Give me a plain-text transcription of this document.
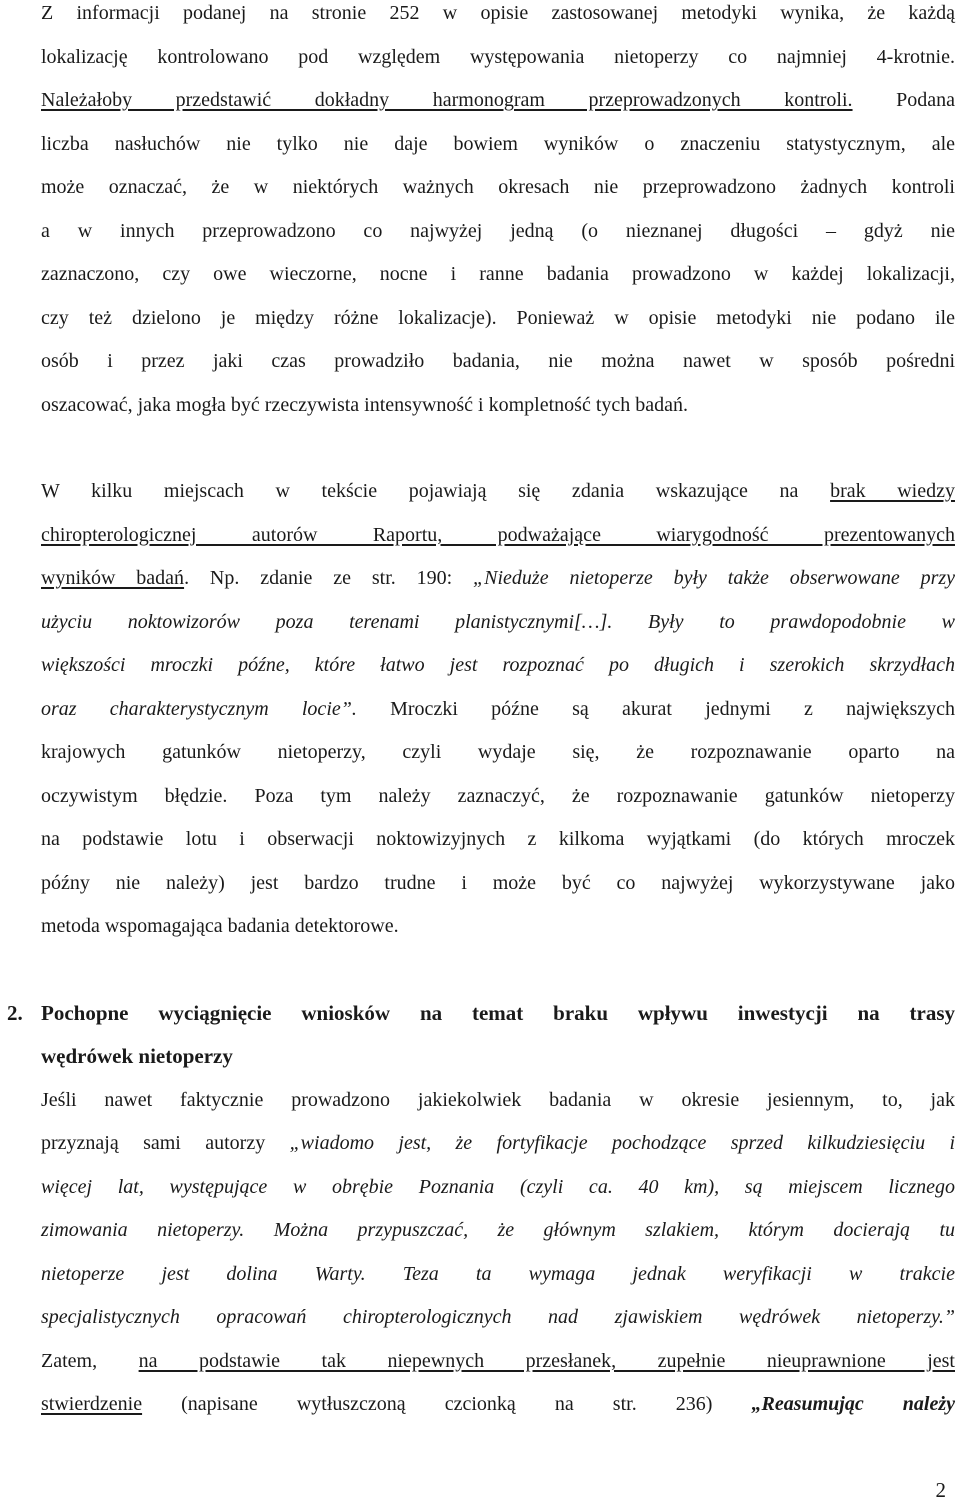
Z informacji podanej na stronie 252 w opisie zastosowanej metodyki wynika, że każdą
lokalizację kontrolowano pod względem występowania nietoperzy co najmniej 4-krotnie.
Należałoby przedstawić dokładny harmonogram przeprowadzonych kontroli. Podana
liczba nasłuchów nie tylko nie daje bowiem wyników o znaczeniu statystycznym, ale
może oznaczać, że w niektórych ważnych okresach nie przeprowadzono żadnych kontroli
a w innych przeprowadzono co najwyżej jedną (o nieznanej długości – gdyż nie
zaznaczono, czy owe wieczorne, nocne i ranne badania prowadzono w każdej lokalizacji,
czy też dzielono je między różne lokalizacje). Ponieważ w opisie metodyki nie podano ile
osób i przez jaki czas prowadziło badania, nie można nawet w sposób pośredni
oszacować, jaka mogła być rzeczywista intensywność i kompletność tych badań.
W kilku miejscach w tekście pojawiają się zdania wskazujące na brak wiedzy
chiropterologicznej autorów Raportu, podważające wiarygodność prezentowanych
wyników badań. Np. zdanie ze str. 190: „Nieduże nietoperze były także obserwowane przy
użyciu noktowizorów poza terenami planistycznymi[…]. Były to prawdopodobnie w
większości mroczki późne, które łatwo jest rozpoznać po długich i szerokich skrzydłach
oraz charakterystycznym locie”. Mroczki późne są akurat jednymi z największych
krajowych gatunków nietoperzy, czyli wydaje się, że rozpoznawanie oparto na
oczywistym błędzie. Poza tym należy zaznaczyć, że rozpoznawanie gatunków nietoperzy
na podstawie lotu i obserwacji noktowizyjnych z kilkoma wyjątkami (do których mroczek
późny nie należy) jest bardzo trudne i może być co najwyżej wykorzystywane jako
metoda wspomagająca badania detektorowe.
2. Pochopne wyciągnięcie wniosków na temat braku wpływu inwestycji na trasy
wędrówek nietoperzy
Jeśli nawet faktycznie prowadzono jakiekolwiek badania w okresie jesiennym, to, jak
przyznają sami autorzy „wiadomo jest, że fortyfikacje pochodzące sprzed kilkudziesięciu i
więcej lat, występujące w obrębie Poznania (czyli ca. 40 km), są miejscem licznego
zimowania nietoperzy. Można przypuszczać, że głównym szlakiem, którym docierają tu
nietoperze jest dolina Warty. Teza ta wymaga jednak weryfikacji w trakcie
specjalistycznych opracowań chiropterologicznych nad zjawiskiem wędrówek nietoperzy.”
Zatem, na podstawie tak niepewnych przesłanek, zupełnie nieuprawnione jest
stwierdzenie (napisane wytłuszczoną czcionką na str. 236) „Reasumując należy
2
